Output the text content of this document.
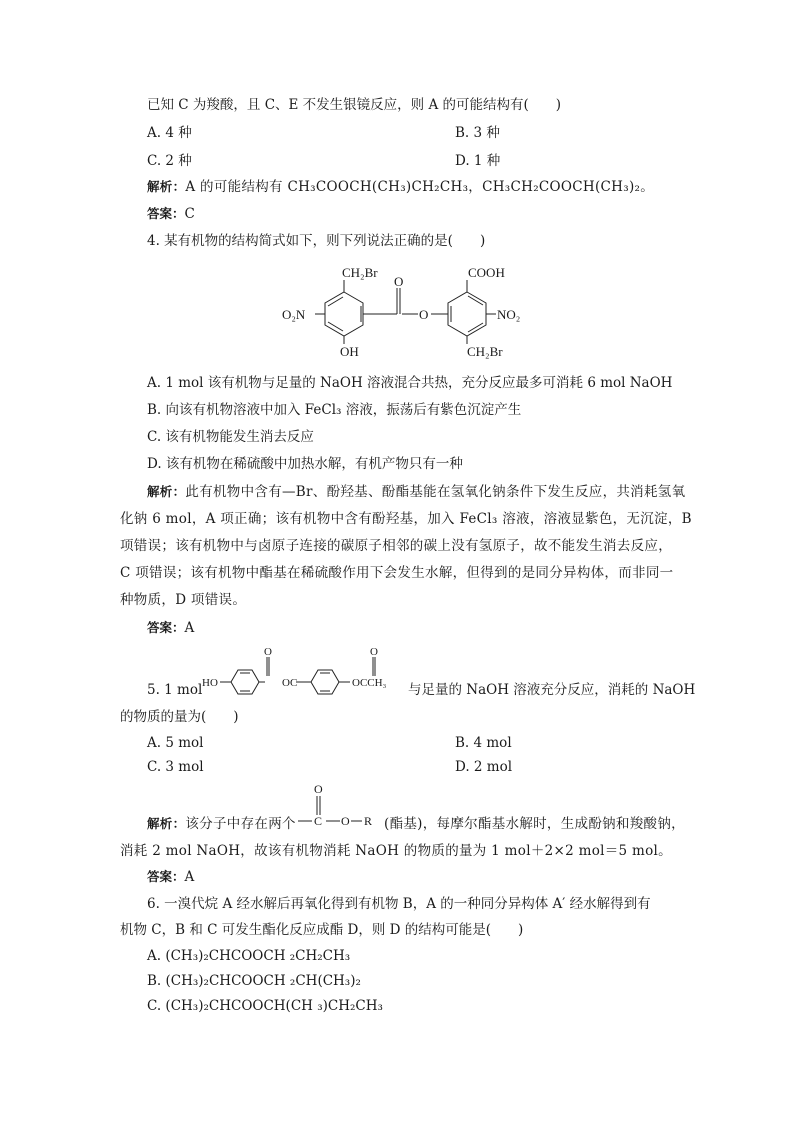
已知 C 为羧酸，且 C、E 不发生银镜反应，则 A 的可能结构有(　　)
A. 4 种	B. 3 种
C. 2 种	D. 1 种
解析：A 的可能结构有 CH₃COOCH(CH₃)CH₂CH₃，CH₃CH₂COOCH(CH₃)₂。
答案：C
4. 某有机物的结构简式如下，则下列说法正确的是(　　)
CH₂Br
O₂N
OH
O
O
COOH
NO₂
CH₂Br
A. 1 mol 该有机物与足量的 NaOH 溶液混合共热，充分反应最多可消耗 6 mol NaOH
B. 向该有机物溶液中加入 FeCl₃ 溶液，振荡后有紫色沉淀产生
C. 该有机物能发生消去反应
D. 该有机物在稀硫酸中加热水解，有机产物只有一种
解析：此有机物中含有—Br、酚羟基、酚酯基能在氢氧化钠条件下发生反应，共消耗氢氧
化钠 6 mol，A 项正确；该有机物中含有酚羟基，加入 FeCl₃ 溶液，溶液显紫色，无沉淀，B
项错误；该有机物中与卤原子连接的碳原子相邻的碳上没有氢原子，故不能发生消去反应，
C 项错误；该有机物中酯基在稀硫酸作用下会发生水解，但得到的是同分异构体，而非同一
种物质，D 项错误。
答案：A
5. 1 mol HO
O
OC
O
OCCH₃ 与足量的 NaOH 溶液充分反应，消耗的 NaOH
的物质的量为(　　)
A. 5 mol	B. 4 mol
C. 3 mol	D. 2 mol
解析：该分子中存在两个
O
C O R (酯基)，每摩尔酯基水解时，生成酚钠和羧酸钠，
消耗 2 mol NaOH，故该有机物消耗 NaOH 的物质的量为 1 mol＋2×2 mol＝5 mol。
答案：A
6. 一溴代烷 A 经水解后再氧化得到有机物 B，A 的一种同分异构体 A′ 经水解得到有
机物 C，B 和 C 可发生酯化反应成酯 D，则 D 的结构可能是(　　)
A. (CH₃)₂CHCOOCH ₂CH₂CH₃
B. (CH₃)₂CHCOOCH ₂CH(CH₃)₂
C. (CH₃)₂CHCOOCH(CH ₃)CH₂CH₃
